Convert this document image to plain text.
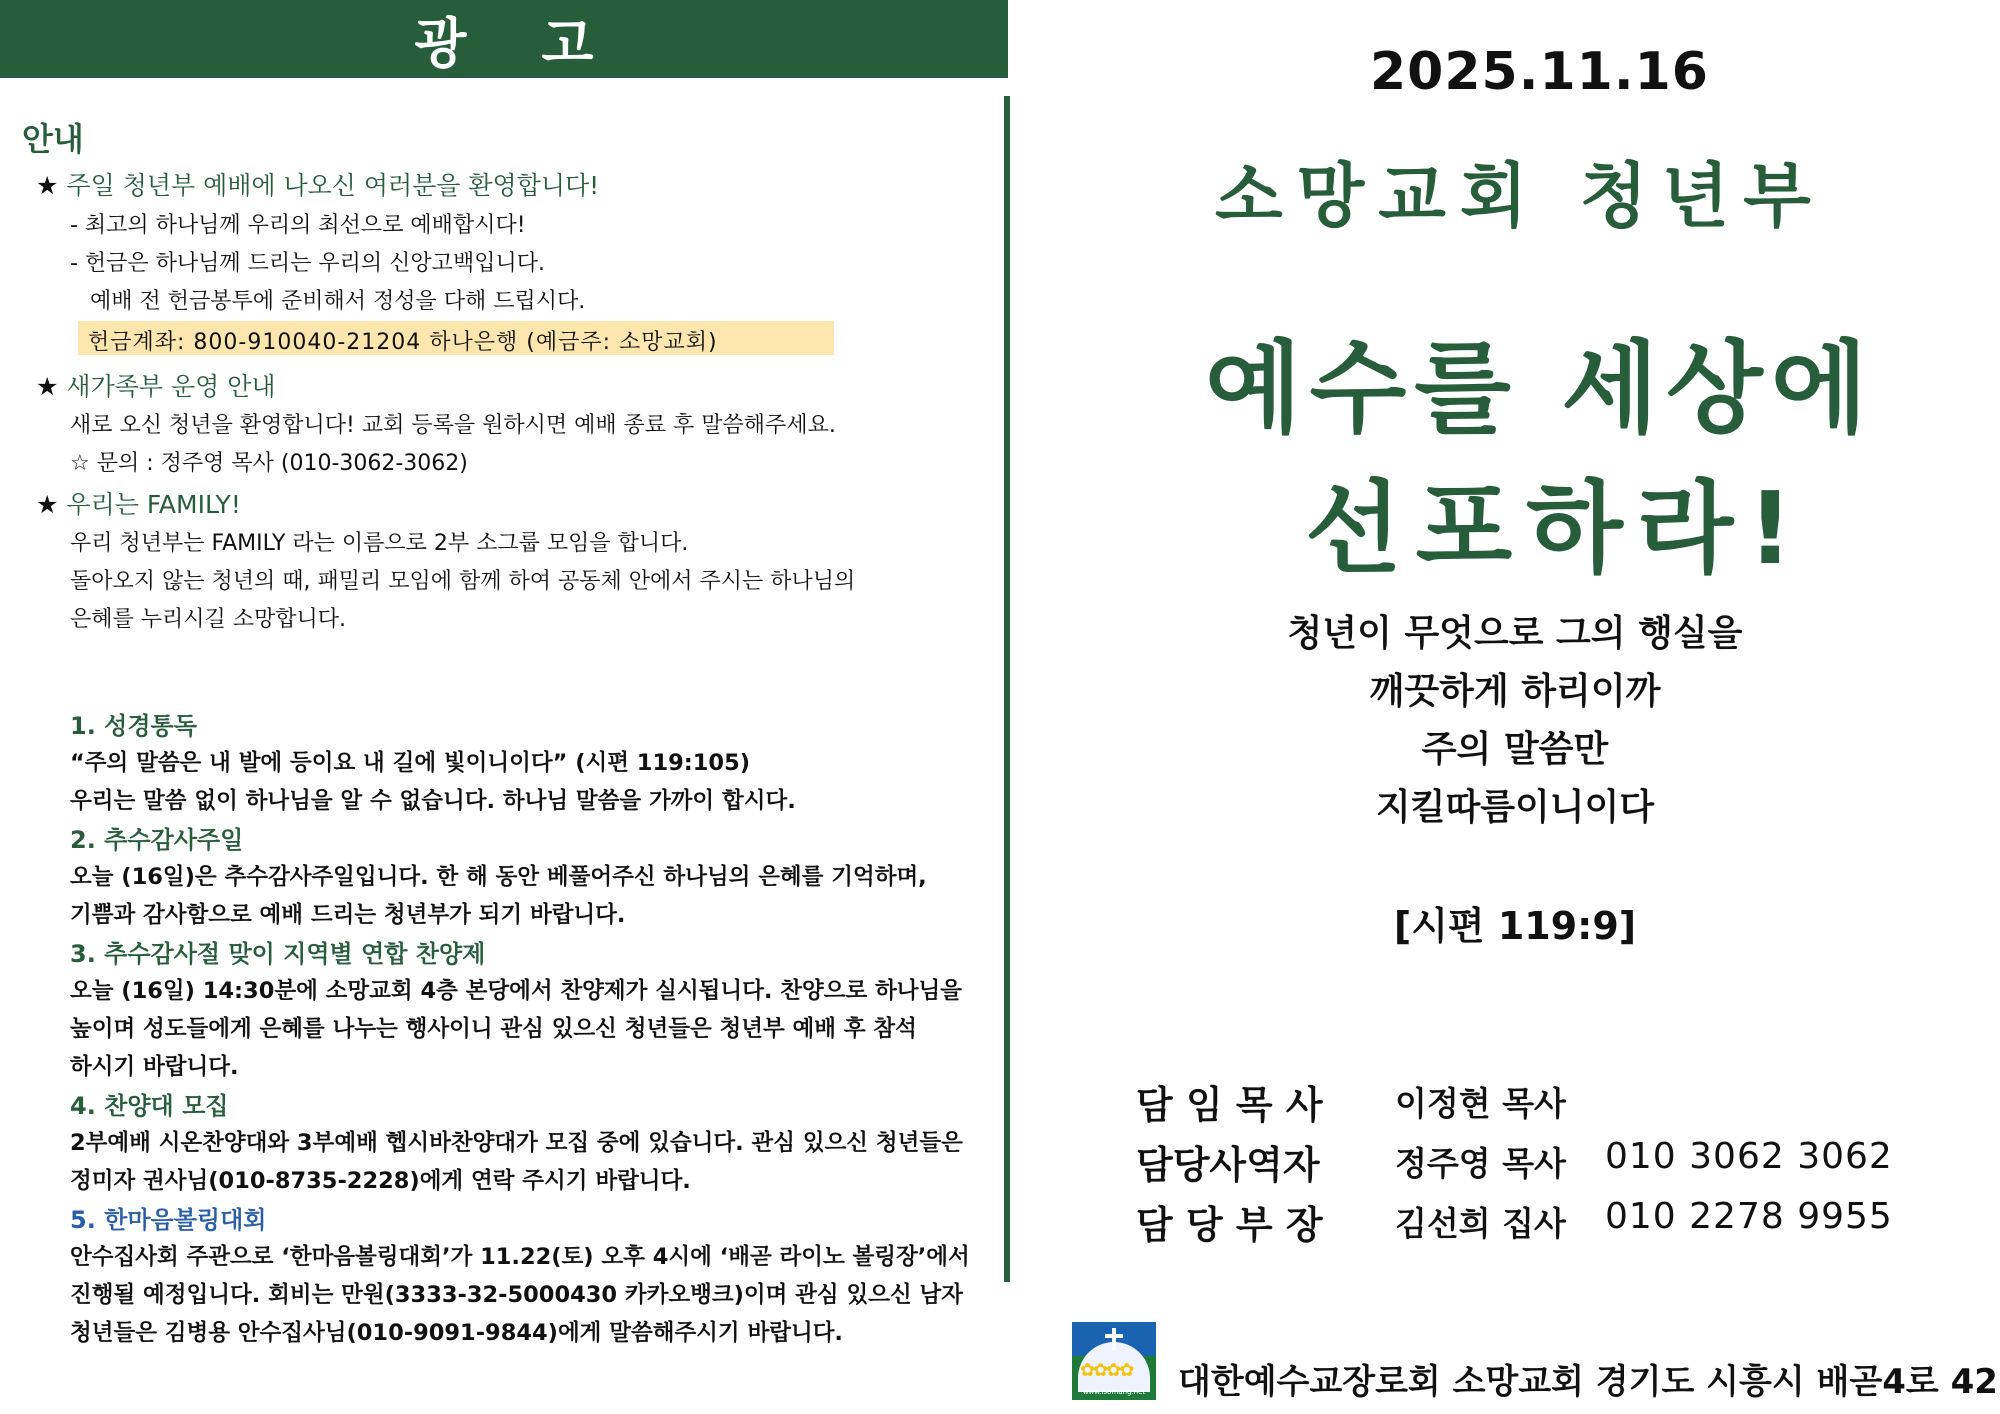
광 고
안내
★ 주일 청년부 예배에 나오신 여러분을 환영합니다!
- 최고의 하나님께 우리의 최선으로 예배합시다!
- 헌금은 하나님께 드리는 우리의 신앙고백입니다.
예배 전 헌금봉투에 준비해서 정성을 다해 드립시다.
헌금계좌: 800-910040-21204 하나은행 (예금주: 소망교회)
★ 새가족부 운영 안내
새로 오신 청년을 환영합니다! 교회 등록을 원하시면 예배 종료 후 말씀해주세요.
☆ 문의 : 정주영 목사 (010-3062-3062)
★ 우리는 FAMILY!
우리 청년부는 FAMILY 라는 이름으로 2부 소그룹 모임을 합니다.
돌아오지 않는 청년의 때, 패밀리 모임에 함께 하여 공동체 안에서 주시는 하나님의
은혜를 누리시길 소망합니다.
1. 성경통독
“주의 말씀은 내 발에 등이요 내 길에 빛이니이다” (시편 119:105)
우리는 말씀 없이 하나님을 알 수 없습니다. 하나님 말씀을 가까이 합시다.
2. 추수감사주일
오늘 (16일)은 추수감사주일입니다. 한 해 동안 베풀어주신 하나님의 은혜를 기억하며,
기쁨과 감사함으로 예배 드리는 청년부가 되기 바랍니다.
3. 추수감사절 맞이 지역별 연합 찬양제
오늘 (16일) 14:30분에 소망교회 4층 본당에서 찬양제가 실시됩니다. 찬양으로 하나님을
높이며 성도들에게 은혜를 나누는 행사이니 관심 있으신 청년들은 청년부 예배 후 참석
하시기 바랍니다.
4. 찬양대 모집
2부예배 시온찬양대와 3부예배 헵시바찬양대가 모집 중에 있습니다. 관심 있으신 청년들은
정미자 권사님(010-8735-2228)에게 연락 주시기 바랍니다.
5. 한마음볼링대회
안수집사회 주관으로 ‘한마음볼링대회’가 11.22(토) 오후 4시에 ‘배곧 라이노 볼링장’에서
진행될 예정입니다. 회비는 만원(3333-32-5000430 카카오뱅크)이며 관심 있으신 남자
청년들은 김병용 안수집사님(010-9091-9844)에게 말씀해주시기 바랍니다.
2025.11.16
소망교회 청년부
예수를 세상에
선포하라!
청년이 무엇으로 그의 행실을
깨끗하게 하리이까
주의 말씀만
지킬따름이니이다
[시편 119:9]
담 임 목 사 이정현 목사
담당사역자 정주영 목사 010 3062 3062
담 당 부 장 김선희 집사 010 2278 9955
✿✿✿✿
www.isomang.net 대한예수교장로회 소망교회 경기도 시흥시 배곧4로 42
